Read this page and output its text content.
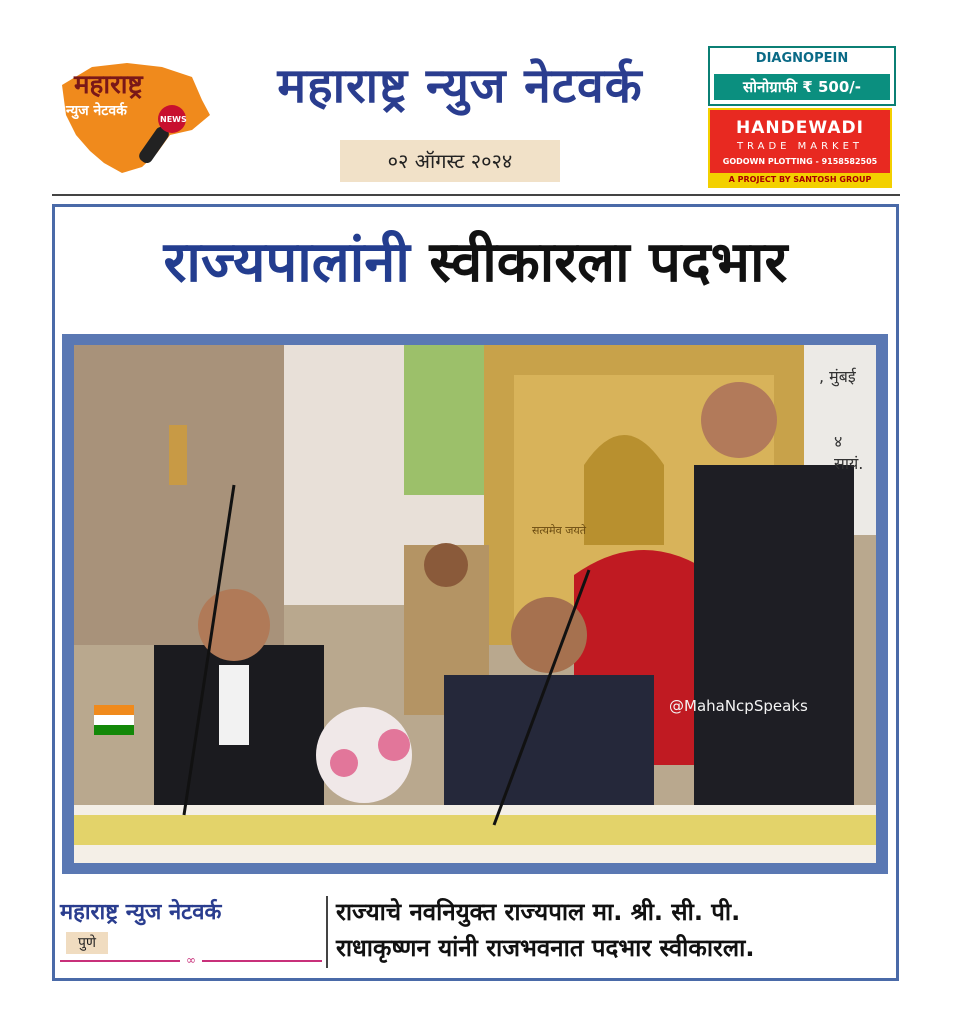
महाराष्ट्र
न्युज नेटवर्क
NEWS
महाराष्ट्र न्युज नेटवर्क
०२ ऑगस्ट २०२४
DIAGNOPEIN
सोनोग्राफी ₹ 500/-
HANDEWADI
TRADE MARKET
GODOWN PLOTTING - 9158582505
A PROJECT BY SANTOSH GROUP
राज्यपालांनी स्वीकारला पदभार
@MahaNcpSpeaks
, मुंबई
४ सायं.
सत्यमेव जयते
महाराष्ट्र न्युज नेटवर्क
पुणे
∞
राज्याचे नवनियुक्त राज्यपाल मा. श्री. सी. पी.
राधाकृष्णन यांनी राजभवनात पदभार स्वीकारला.
